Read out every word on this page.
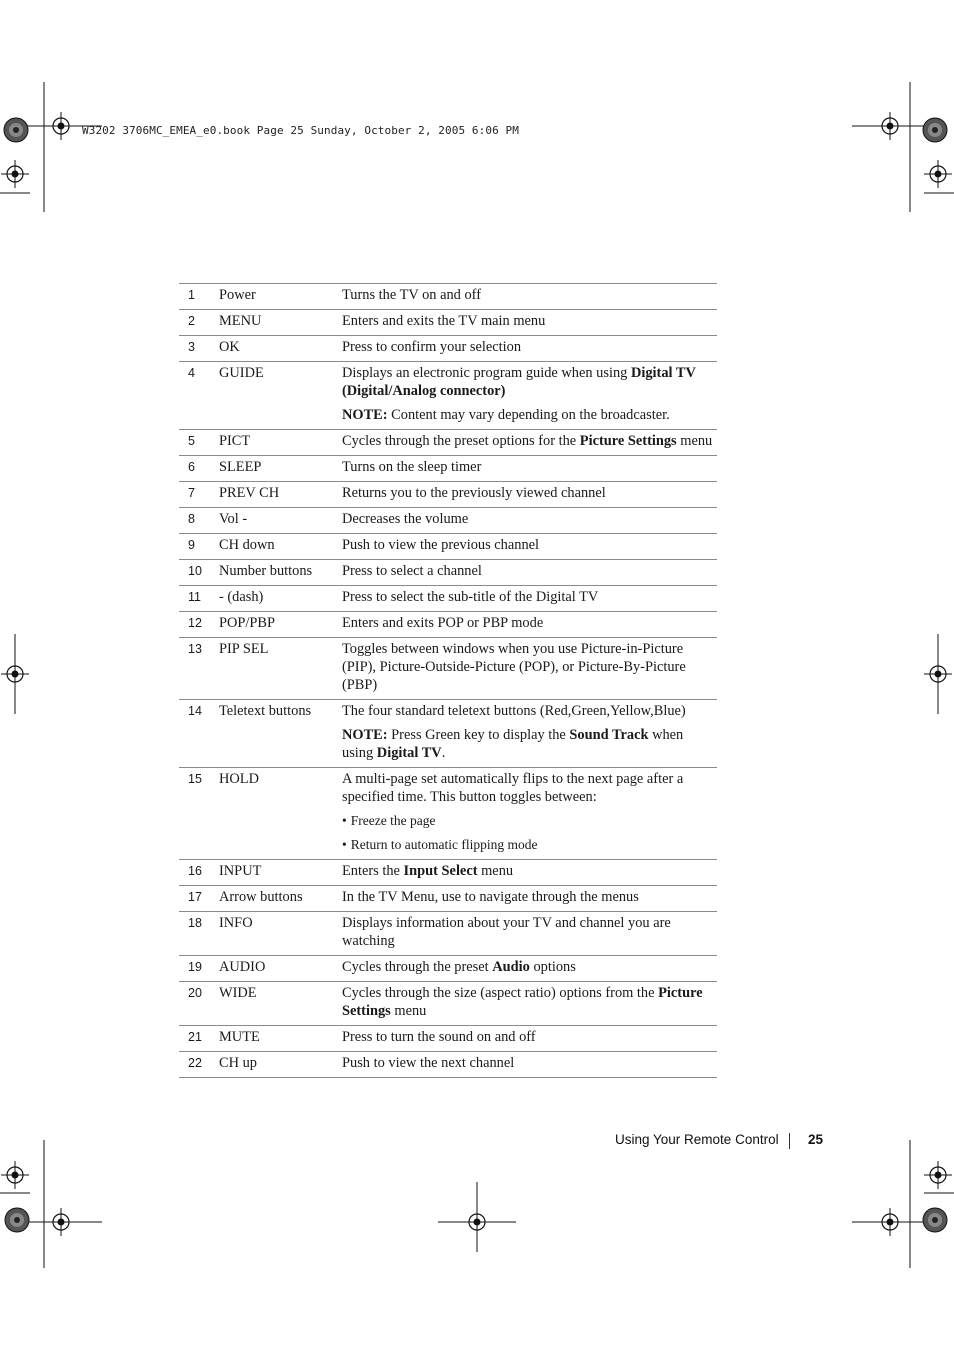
W3202 3706MC_EMEA_e0.book Page 25 Sunday, October 2, 2005 6:06 PM
1	Power	Turns the TV on and off

2	MENU	Enters and exits the TV main menu

3	OK	Press to confirm your selection

4	GUIDE	Displays an electronic program guide when using Digital TV (Digital/Analog connector)
NOTE: Content may vary depending on the broadcaster.

5	PICT	Cycles through the preset options for the Picture Settings menu

6	SLEEP	Turns on the sleep timer

7	PREV CH	Returns you to the previously viewed channel

8	Vol -	Decreases the volume

9	CH down	Push to view the previous channel

10	Number buttons	Press to select a channel

11	- (dash)	Press to select the sub-title of the Digital TV

12	POP/PBP	Enters and exits POP or PBP mode

13	PIP SEL	Toggles between windows when you use Picture-in-Picture (PIP), Picture-Outside-Picture (POP), or Picture-By-Picture (PBP)

14	Teletext buttons	The four standard teletext buttons (Red,Green,Yellow,Blue)
NOTE: Press Green key to display the Sound Track when using Digital TV.

15	HOLD	A multi-page set automatically flips to the next page after a specified time. This button toggles between:
• Freeze the page
• Return to automatic flipping mode

16	INPUT	Enters the Input Select menu

17	Arrow buttons	In the TV Menu, use to navigate through the menus

18	INFO	Displays information about your TV and channel you are watching

19	AUDIO	Cycles through the preset Audio options

20	WIDE	Cycles through the size (aspect ratio) options from the Picture Settings menu

21	MUTE	Press to turn the sound on and off

22	CH up	Push to view the next channel
Using Your Remote Control 25
